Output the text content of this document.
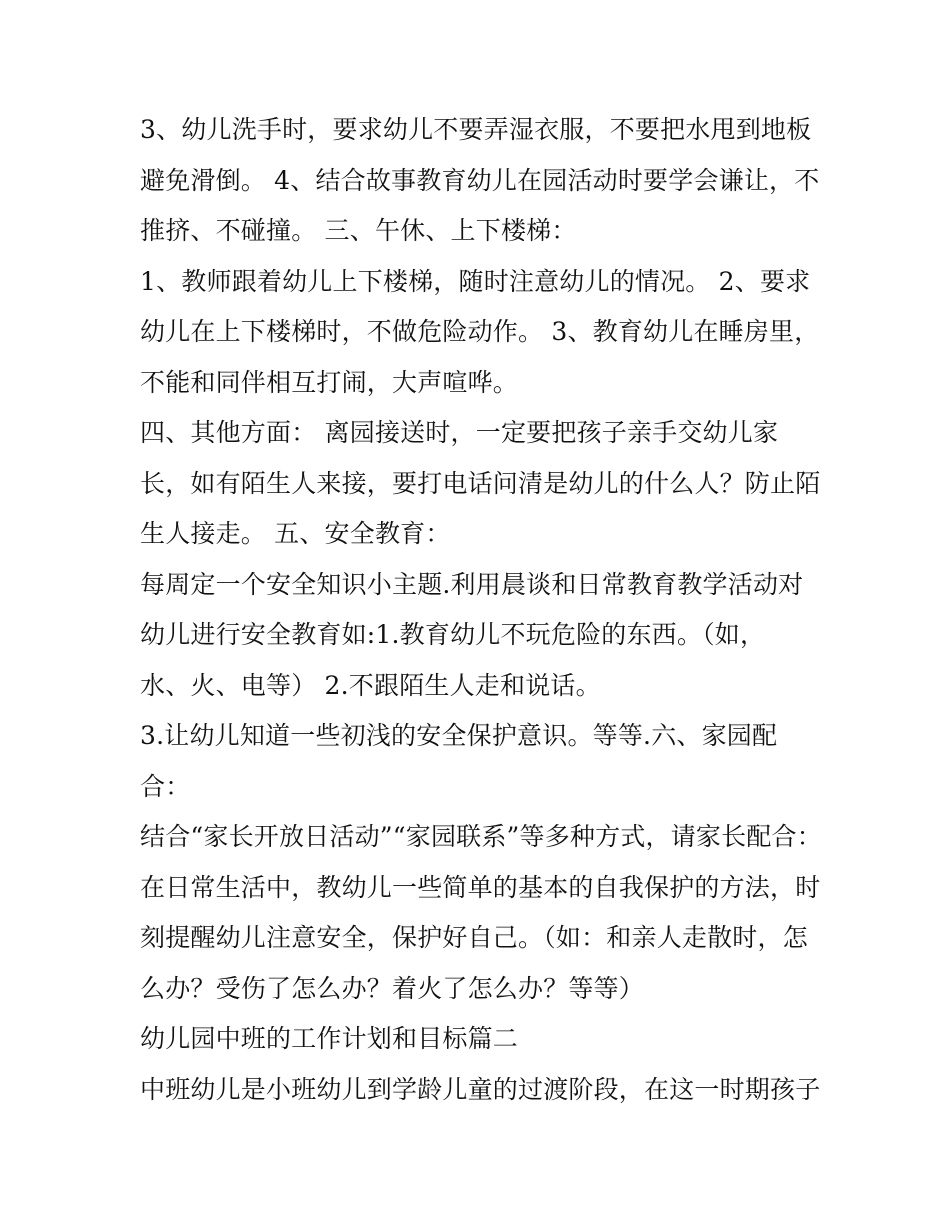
3、幼儿洗手时，要求幼儿不要弄湿衣服，不要把水甩到地板
避免滑倒。 4、结合故事教育幼儿在园活动时要学会谦让，不
推挤、不碰撞。 三、午休、上下楼梯：
1、教师跟着幼儿上下楼梯，随时注意幼儿的情况。 2、要求
幼儿在上下楼梯时，不做危险动作。 3、教育幼儿在睡房里，
不能和同伴相互打闹，大声喧哗。
四、其他方面： 离园接送时，一定要把孩子亲手交幼儿家
长，如有陌生人来接，要打电话问清是幼儿的什么人？防止陌
生人接走。 五、安全教育：
每周定一个安全知识小主题.利用晨谈和日常教育教学活动对
幼儿进行安全教育如:1.教育幼儿不玩危险的东西。（如，
水、火、电等） 2.不跟陌生人走和说话。
3.让幼儿知道一些初浅的安全保护意识。等等.六、家园配
合：
结合“家长开放日活动”“家园联系”等多种方式，请家长配合：
在日常生活中，教幼儿一些简单的基本的自我保护的方法，时
刻提醒幼儿注意安全，保护好自己。（如：和亲人走散时，怎
么办？受伤了怎么办？着火了怎么办？等等）
幼儿园中班的工作计划和目标篇二
中班幼儿是小班幼儿到学龄儿童的过渡阶段，在这一时期孩子
